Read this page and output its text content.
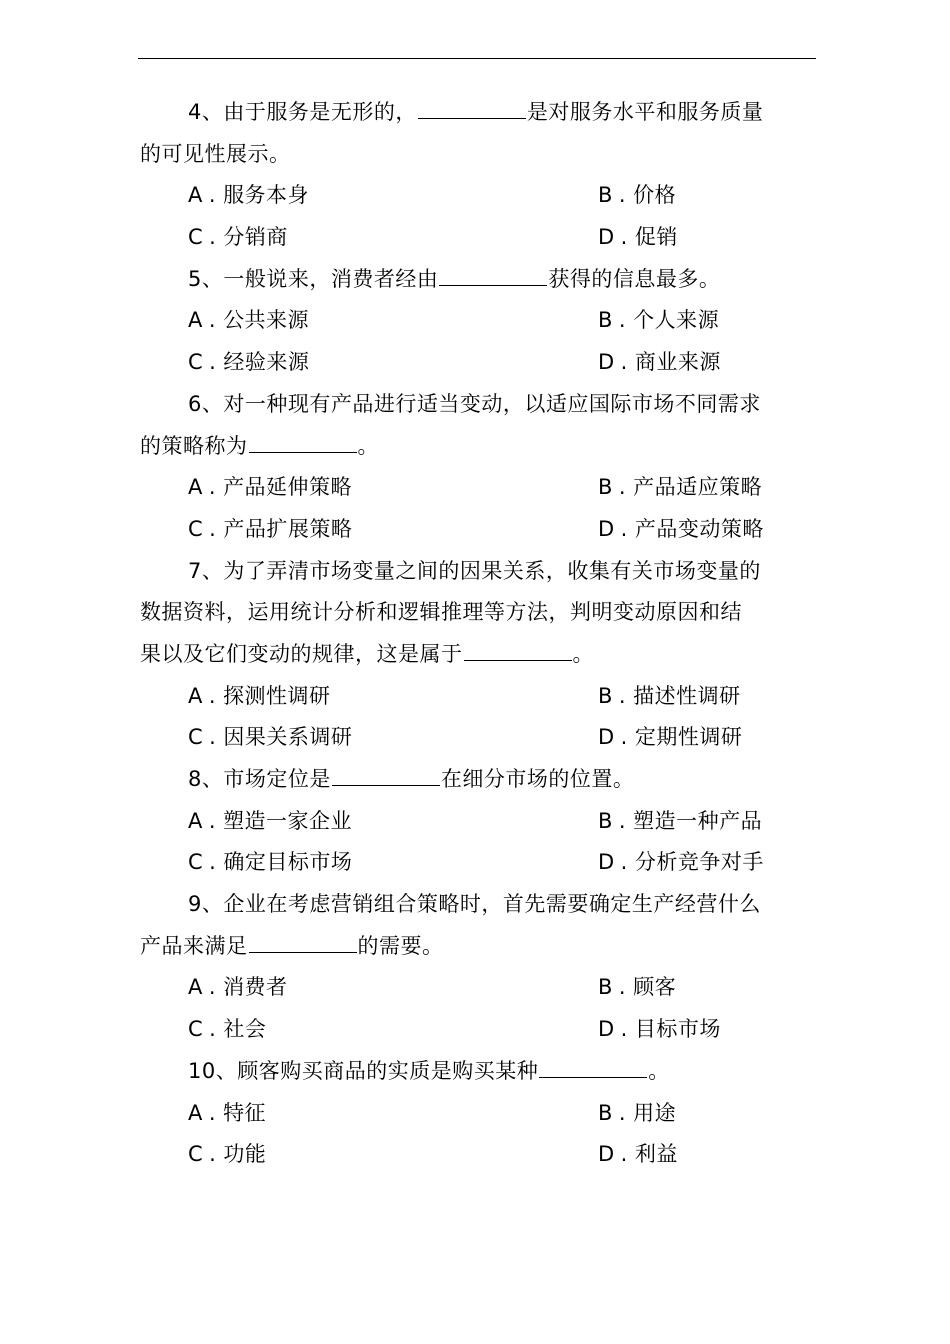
4、由于服务是无形的，	是对服务水平和服务质量
的可见性展示。
A . 服务本身	B . 价格
C . 分销商	D . 促销
5、一般说来，消费者经由	获得的信息最多。
A . 公共来源	B . 个人来源
C . 经验来源	D . 商业来源
6、对一种现有产品进行适当变动，以适应国际市场不同需求
的策略称为	。
A . 产品延伸策略	B . 产品适应策略
C . 产品扩展策略	D . 产品变动策略
7、为了弄清市场变量之间的因果关系，收集有关市场变量的
数据资料，运用统计分析和逻辑推理等方法，判明变动原因和结
果以及它们变动的规律，这是属于	。
A . 探测性调研	B . 描述性调研
C . 因果关系调研	D . 定期性调研
8、市场定位是	在细分市场的位置。
A . 塑造一家企业	B . 塑造一种产品
C . 确定目标市场	D . 分析竞争对手
9、企业在考虑营销组合策略时，首先需要确定生产经营什么
产品来满足	的需要。
A . 消费者	B . 顾客
C . 社会	D . 目标市场
10、顾客购买商品的实质是购买某种	。
A . 特征	B . 用途
C . 功能	D . 利益
